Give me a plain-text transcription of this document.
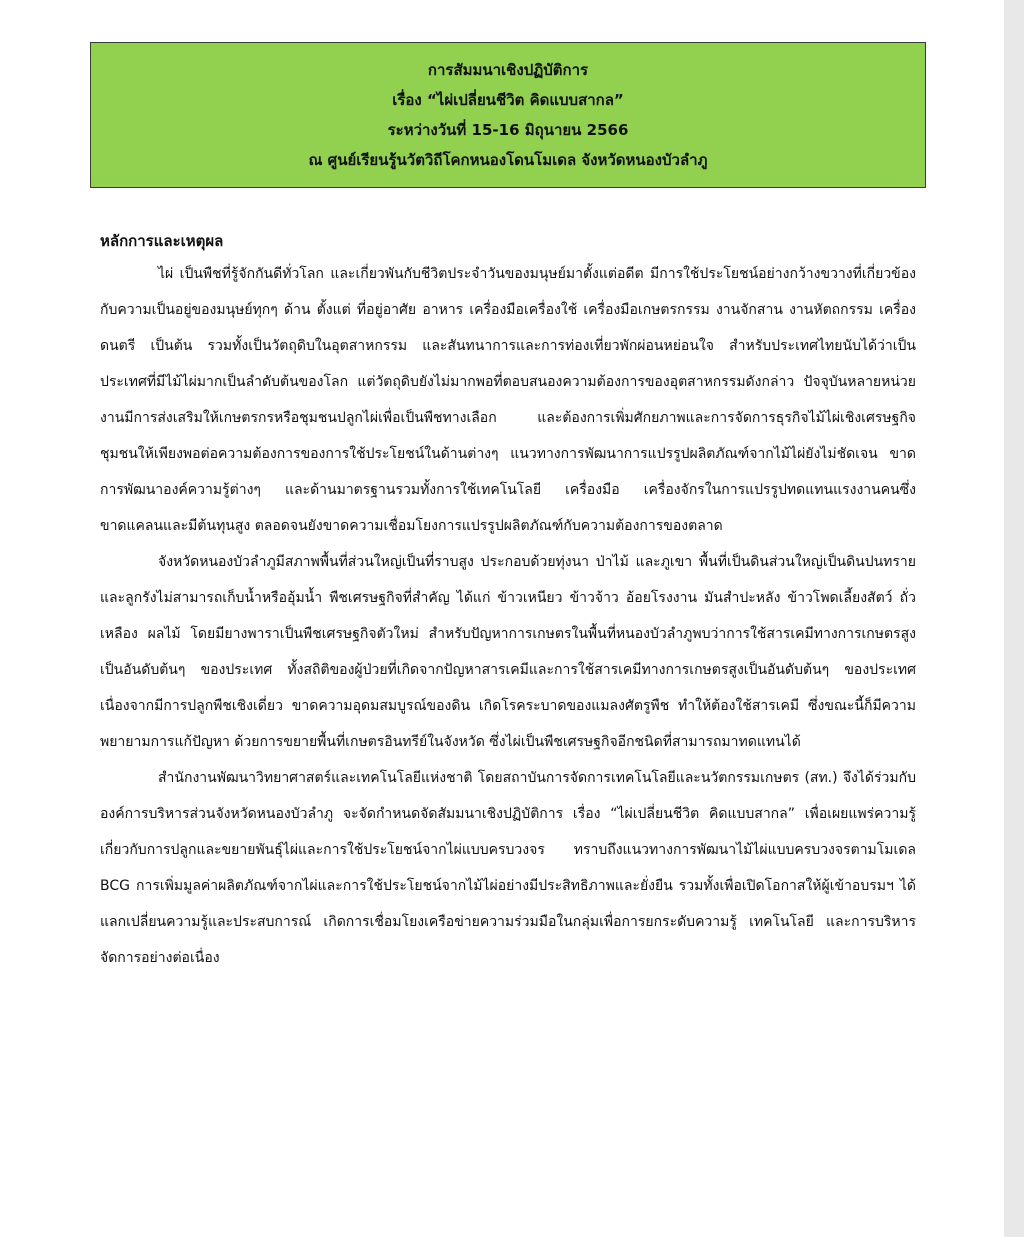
การสัมมนาเชิงปฏิบัติการ
เรื่อง “ไผ่เปลี่ยนชีวิต คิดแบบสากล”
ระหว่างวันที่ 15-16 มิถุนายน 2566
ณ ศูนย์เรียนรู้นวัตวิถีโคกหนองโดนโมเดล จังหวัดหนองบัวลำภู
หลักการและเหตุผล

ไผ่ เป็นพืชที่รู้จักกันดีทั่วโลก และเกี่ยวพันกับชีวิตประจำวันของมนุษย์มาตั้งแต่อดีต มีการใช้ประโยชน์อย่างกว้างขวางที่เกี่ยวข้องกับความเป็นอยู่ของมนุษย์ทุกๆ ด้าน ตั้งแต่ ที่อยู่อาศัย อาหาร เครื่องมือเครื่องใช้ เครื่องมือเกษตรกรรม งานจักสาน งานหัตถกรรม เครื่องดนตรี เป็นต้น รวมทั้งเป็นวัตถุดิบในอุตสาหกรรม และสันทนาการและการท่องเที่ยวพักผ่อนหย่อนใจ สำหรับประเทศไทยนับได้ว่าเป็นประเทศที่มีไม้ไผ่มากเป็นลำดับต้นของโลก แต่วัตถุดิบยังไม่มากพอที่ตอบสนองความต้องการของอุตสาหกรรมดังกล่าว ปัจจุบันหลายหน่วยงานมีการส่งเสริมให้เกษตรกรหรือชุมชนปลูกไผ่เพื่อเป็นพืชทางเลือก และต้องการเพิ่มศักยภาพและการจัดการธุรกิจไม้ไผ่เชิงเศรษฐกิจชุมชนให้เพียงพอต่อความต้องการของการใช้ประโยชน์ในด้านต่างๆ แนวทางการพัฒนาการแปรรูปผลิตภัณฑ์จากไม้ไผ่ยังไม่ชัดเจน ขาดการพัฒนาองค์ความรู้ต่างๆ และด้านมาตรฐานรวมทั้งการใช้เทคโนโลยี เครื่องมือ เครื่องจักรในการแปรรูปทดแทนแรงงานคนซึ่งขาดแคลนและมีต้นทุนสูง ตลอดจนยังขาดความเชื่อมโยงการแปรรูปผลิตภัณฑ์กับความต้องการของตลาด

จังหวัดหนองบัวลำภูมีสภาพพื้นที่ส่วนใหญ่เป็นที่ราบสูง ประกอบด้วยทุ่งนา ป่าไม้ และภูเขา พื้นที่เป็นดินส่วนใหญ่เป็นดินปนทรายและลูกรังไม่สามารถเก็บน้ำหรืออุ้มน้ำ พืชเศรษฐกิจที่สำคัญ ได้แก่ ข้าวเหนียว ข้าวจ้าว อ้อยโรงงาน มันสำปะหลัง ข้าวโพดเลี้ยงสัตว์ ถั่วเหลือง ผลไม้ โดยมียางพาราเป็นพืชเศรษฐกิจตัวใหม่ สำหรับปัญหาการเกษตรในพื้นที่หนองบัวลำภูพบว่าการใช้สารเคมีทางการเกษตรสูงเป็นอันดับต้นๆ ของประเทศ ทั้งสถิติของผู้ป่วยที่เกิดจากปัญหาสารเคมีและการใช้สารเคมีทางการเกษตรสูงเป็นอันดับต้นๆ ของประเทศ เนื่องจากมีการปลูกพืชเชิงเดี่ยว ขาดความอุดมสมบูรณ์ของดิน เกิดโรคระบาดของแมลงศัตรูพืช ทำให้ต้องใช้สารเคมี ซึ่งขณะนี้ก็มีความพยายามการแก้ปัญหา ด้วยการขยายพื้นที่เกษตรอินทรีย์ในจังหวัด ซึ่งไผ่เป็นพืชเศรษฐกิจอีกชนิดที่สามารถมาทดแทนได้

สำนักงานพัฒนาวิทยาศาสตร์และเทคโนโลยีแห่งชาติ โดยสถาบันการจัดการเทคโนโลยีและนวัตกรรมเกษตร (สท.) จึงได้ร่วมกับองค์การบริหารส่วนจังหวัดหนองบัวลำภู จะจัดกำหนดจัดสัมมนาเชิงปฏิบัติการ เรื่อง “ไผ่เปลี่ยนชีวิต คิดแบบสากล” เพื่อเผยแพร่ความรู้เกี่ยวกับการปลูกและขยายพันธุ์ไผ่และการใช้ประโยชน์จากไผ่แบบครบวงจร ทราบถึงแนวทางการพัฒนาไม้ไผ่แบบครบวงจรตามโมเดล BCG การเพิ่มมูลค่าผลิตภัณฑ์จากไผ่และการใช้ประโยชน์จากไม้ไผ่อย่างมีประสิทธิภาพและยั่งยืน รวมทั้งเพื่อเปิดโอกาสให้ผู้เข้าอบรมฯ ได้แลกเปลี่ยนความรู้และประสบการณ์ เกิดการเชื่อมโยงเครือข่ายความร่วมมือในกลุ่มเพื่อการยกระดับความรู้ เทคโนโลยี และการบริหารจัดการอย่างต่อเนื่อง
